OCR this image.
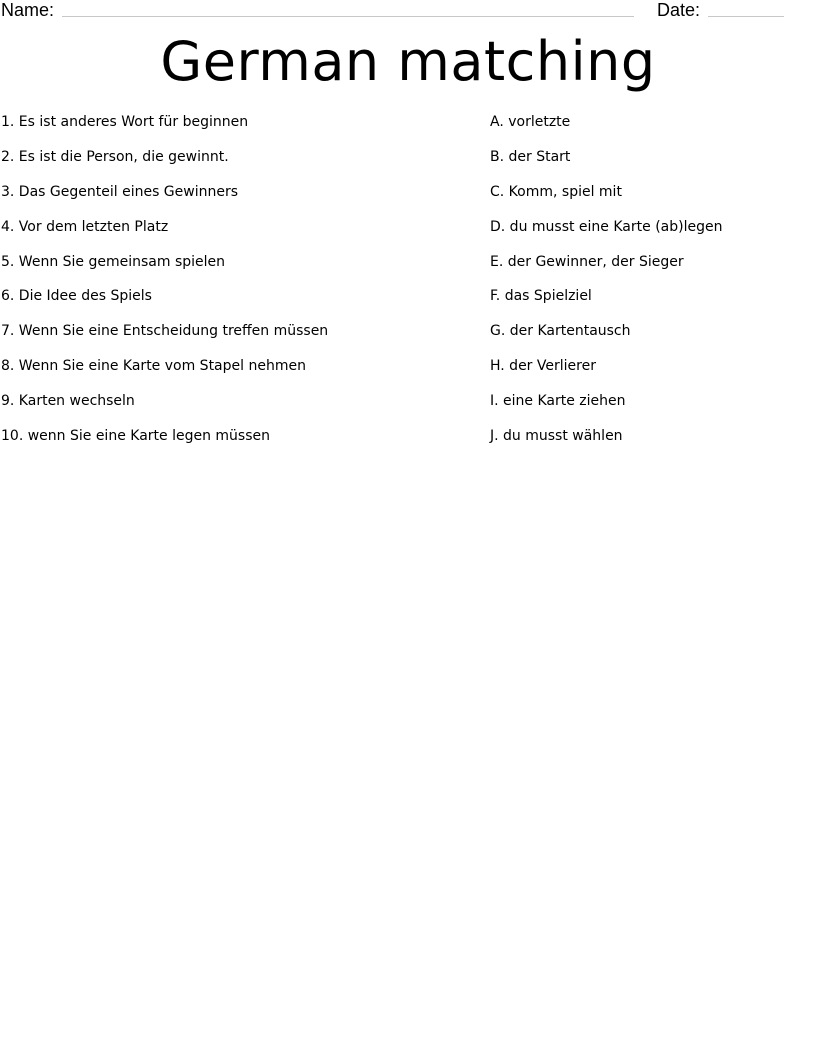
Name:	Date:
German matching
1. Es ist anderes Wort für beginnen
2. Es ist die Person, die gewinnt.
3. Das Gegenteil eines Gewinners
4. Vor dem letzten Platz
5. Wenn Sie gemeinsam spielen
6. Die Idee des Spiels
7. Wenn Sie eine Entscheidung treffen müssen
8. Wenn Sie eine Karte vom Stapel nehmen
9. Karten wechseln
10. wenn Sie eine Karte legen müssen
A. vorletzte
B. der Start
C. Komm, spiel mit
D. du musst eine Karte (ab)legen
E. der Gewinner, der Sieger
F. das Spielziel
G. der Kartentausch
H. der Verlierer
I. eine Karte ziehen
J. du musst wählen
